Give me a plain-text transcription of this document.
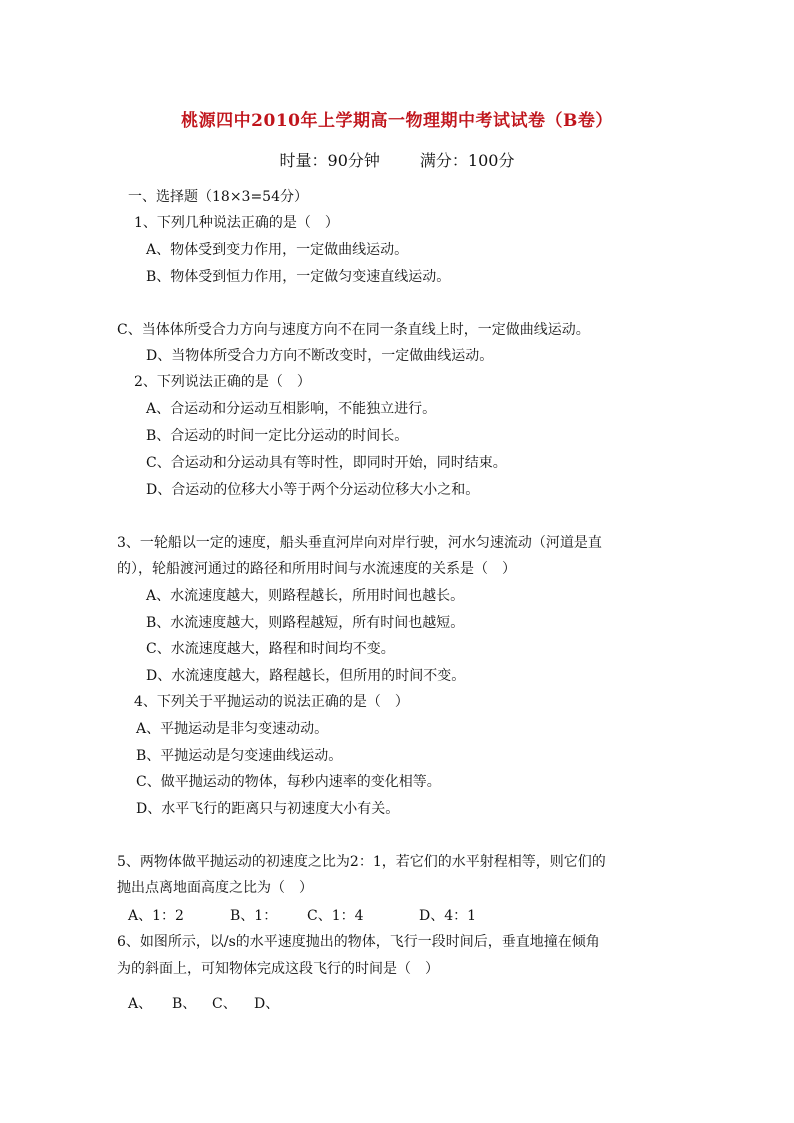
桃源四中2010年上学期高一物理期中考试试卷（B卷）
时量：90分钟	满分：100分
一、选择题（18×3=54分）
1、下列几种说法正确的是（　）
A、物体受到变力作用，一定做曲线运动。
B、物体受到恒力作用，一定做匀变速直线运动。
C、当体体所受合力方向与速度方向不在同一条直线上时，一定做曲线运动。
D、当物体所受合力方向不断改变时，一定做曲线运动。
2、下列说法正确的是（　）
A、合运动和分运动互相影响，不能独立进行。
B、合运动的时间一定比分运动的时间长。
C、合运动和分运动具有等时性，即同时开始，同时结束。
D、合运动的位移大小等于两个分运动位移大小之和。
3、一轮船以一定的速度，船头垂直河岸向对岸行驶，河水匀速流动（河道是直
的），轮船渡河通过的路径和所用时间与水流速度的关系是（　）
A、水流速度越大，则路程越长，所用时间也越长。
B、水流速度越大，则路程越短，所有时间也越短。
C、水流速度越大，路程和时间均不变。
D、水流速度越大，路程越长，但所用的时间不变。
4、下列关于平抛运动的说法正确的是（　）
A、平抛运动是非匀变速动动。
B、平抛运动是匀变速曲线运动。
C、做平抛运动的物体，每秒内速率的变化相等。
D、水平飞行的距离只与初速度大小有关。
5、两物体做平抛运动的初速度之比为2：1，若它们的水平射程相等，则它们的
抛出点离地面高度之比为（　）
A、1：2	B、1： C、1：4	D、4：1
6、如图所示，以/s的水平速度抛出的物体，飞行一段时间后，垂直地撞在倾角
为的斜面上，可知物体完成这段飞行的时间是（　）
A、 B、 C、 D、
